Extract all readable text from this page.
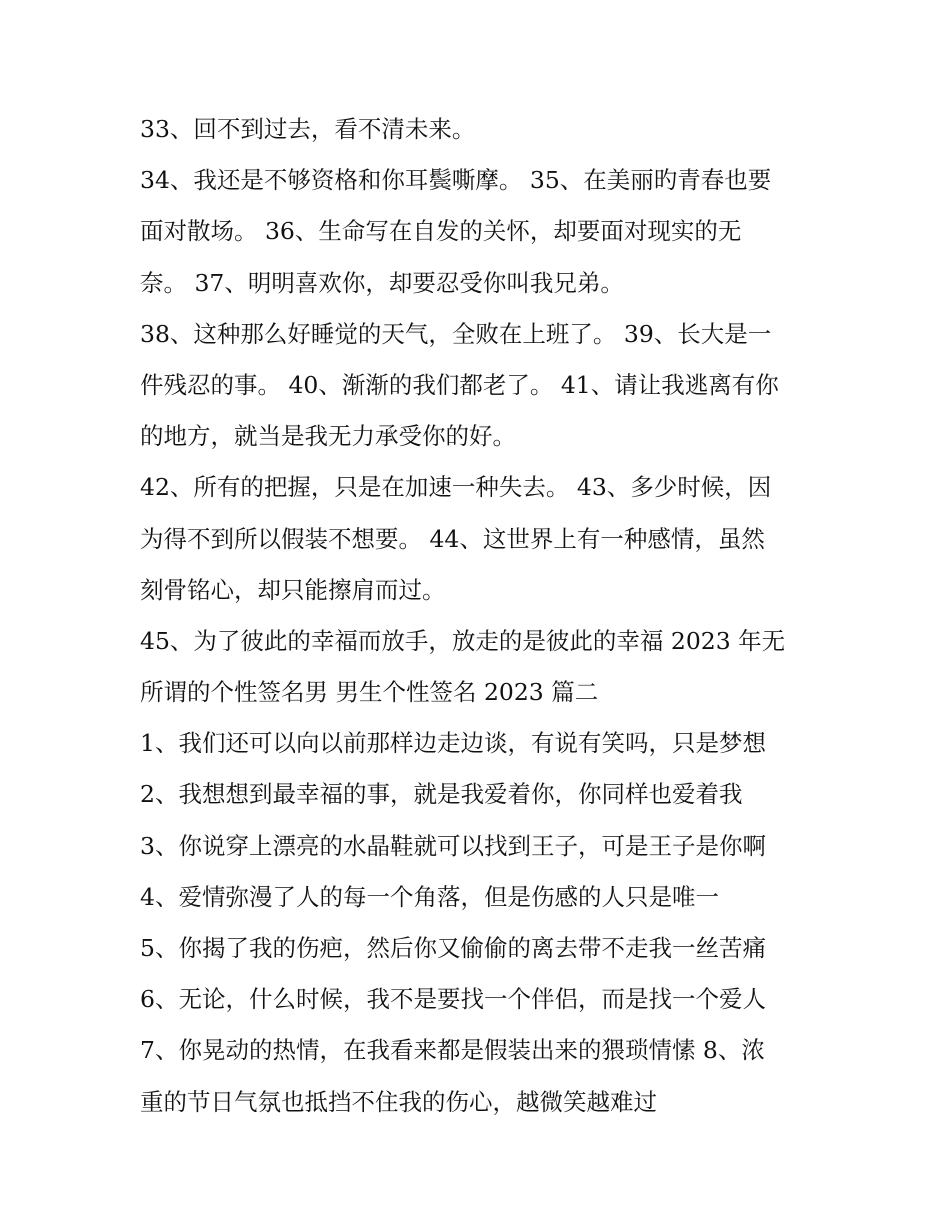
33、回不到过去，看不清未来。
34、我还是不够资格和你耳鬓嘶摩。 35、在美丽旳青春也要
面对散场。 36、生命写在自发的关怀，却要面对现实的无
奈。 37、明明喜欢你，却要忍受你叫我兄弟。
38、这种那么好睡觉的天气，全败在上班了。 39、长大是一
件残忍的事。 40、渐渐的我们都老了。 41、请让我逃离有你
的地方，就当是我无力承受你的好。
42、所有的把握，只是在加速一种失去。 43、多少时候，因
为得不到所以假装不想要。 44、这世界上有一种感情，虽然
刻骨铭心，却只能擦肩而过。
45、为了彼此的幸福而放手，放走的是彼此的幸福 2023 年无
所谓的个性签名男 男生个性签名 2023 篇二
1、我们还可以向以前那样边走边谈，有说有笑吗，只是梦想
2、我想想到最幸福的事，就是我爱着你，你同样也爱着我
3、你说穿上漂亮的水晶鞋就可以找到王子，可是王子是你啊
4、爱情弥漫了人的每一个角落，但是伤感的人只是唯一
5、你揭了我的伤疤，然后你又偷偷的离去带不走我一丝苦痛
6、无论，什么时候，我不是要找一个伴侣，而是找一个爱人
7、你晃动的热情，在我看来都是假装出来的猥琐情愫 8、浓
重的节日气氛也抵挡不住我的伤心，越微笑越难过
